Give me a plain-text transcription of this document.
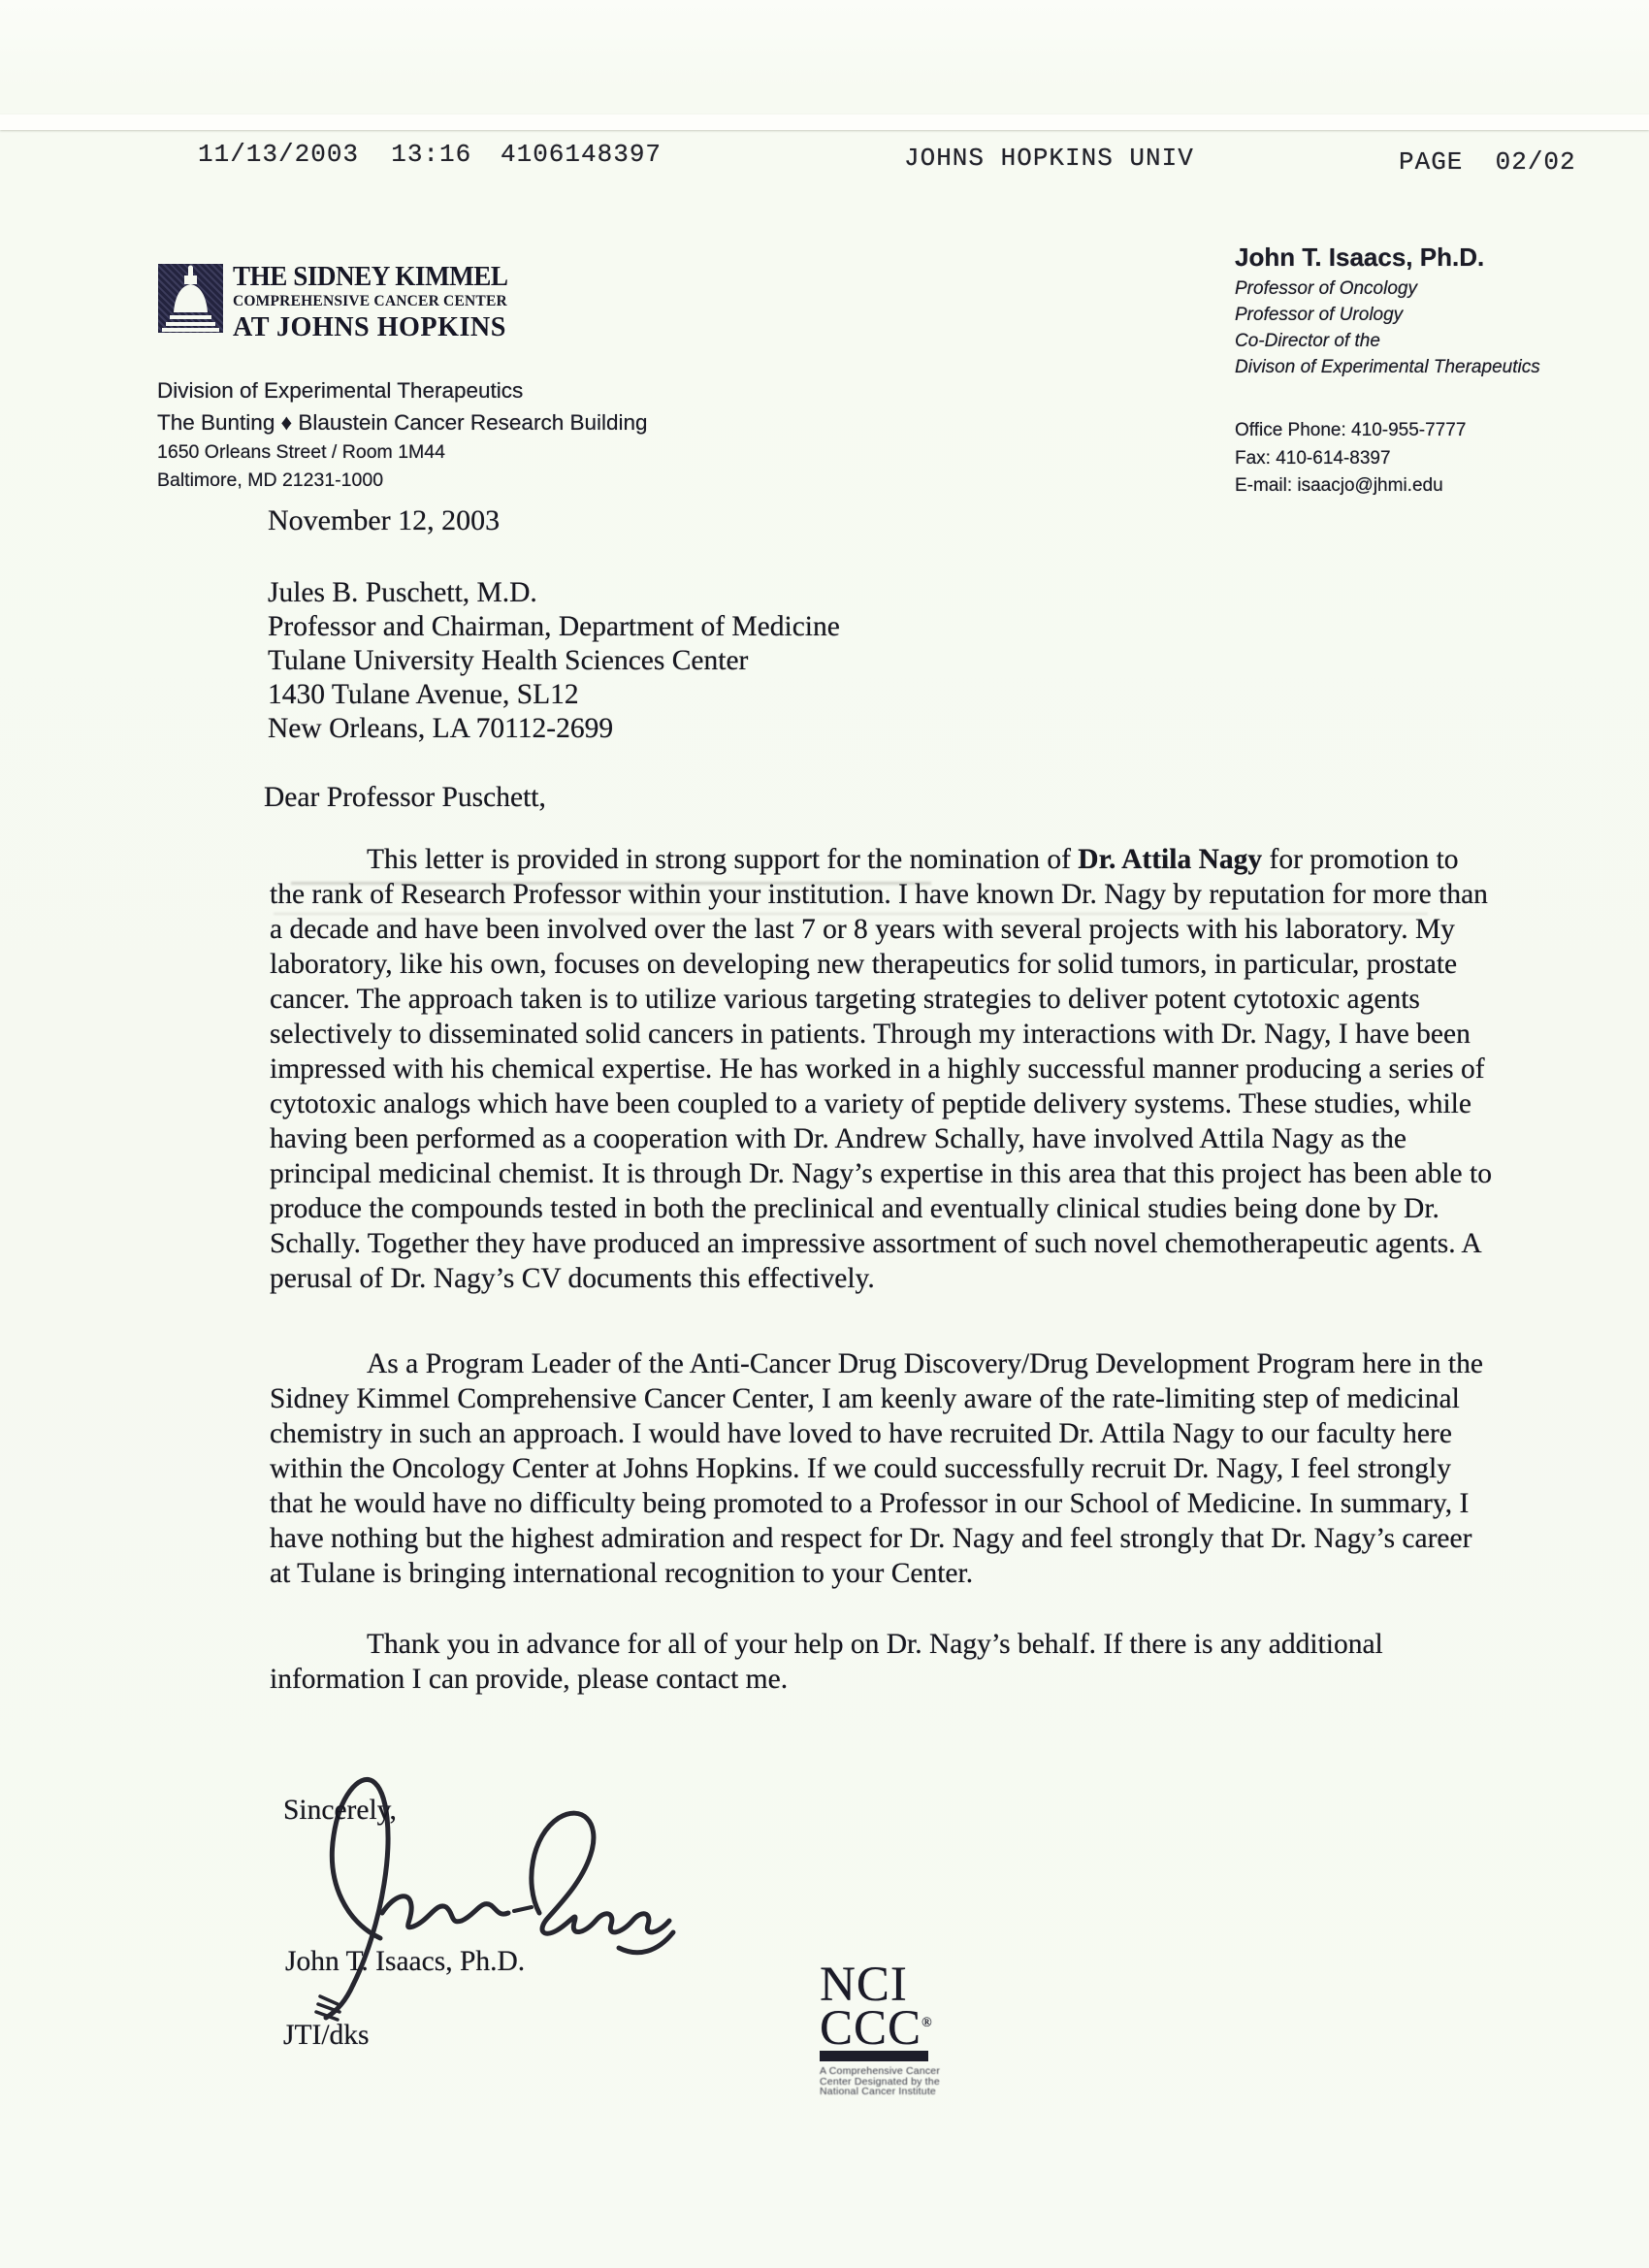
11/13/2003  13:16 4106148397	JOHNS HOPKINS UNIV	PAGE  02/02
THE SIDNEY KIMMEL
COMPREHENSIVE CANCER CENTER
AT JOHNS HOPKINS
Division of Experimental Therapeutics
The Bunting ♦ Blaustein Cancer Research Building
1650 Orleans Street / Room 1M44
Baltimore, MD 21231-1000
John T. Isaacs, Ph.D.
Professor of Oncology
Professor of Urology
Co-Director of the
Divison of Experimental Therapeutics
Office Phone: 410-955-7777
Fax: 410-614-8397
E-mail: isaacjo@jhmi.edu
November 12, 2003
Jules B. Puschett, M.D.
Professor and Chairman, Department of Medicine
Tulane University Health Sciences Center
1430 Tulane Avenue, SL12
New Orleans, LA 70112-2699
Dear Professor Puschett,

This letter is provided in strong support for the nomination of Dr. Attila Nagy for promotion to the rank of Research Professor within your institution. I have known Dr. Nagy by reputation for more than a decade and have been involved over the last 7 or 8 years with several projects with his laboratory. My laboratory, like his own, focuses on developing new therapeutics for solid tumors, in particular, prostate cancer. The approach taken is to utilize various targeting strategies to deliver potent cytotoxic agents selectively to disseminated solid cancers in patients. Through my interactions with Dr. Nagy, I have been impressed with his chemical expertise. He has worked in a highly successful manner producing a series of cytotoxic analogs which have been coupled to a variety of peptide delivery systems. These studies, while having been performed as a cooperation with Dr. Andrew Schally, have involved Attila Nagy as the principal medicinal chemist. It is through Dr. Nagy’s expertise in this area that this project has been able to produce the compounds tested in both the preclinical and eventually clinical studies being done by Dr. Schally. Together they have produced an impressive assortment of such novel chemotherapeutic agents. A perusal of Dr. Nagy’s CV documents this effectively.

As a Program Leader of the Anti-Cancer Drug Discovery/Drug Development Program here in the Sidney Kimmel Comprehensive Cancer Center, I am keenly aware of the rate-limiting step of medicinal chemistry in such an approach. I would have loved to have recruited Dr. Attila Nagy to our faculty here within the Oncology Center at Johns Hopkins. If we could successfully recruit Dr. Nagy, I feel strongly that he would have no difficulty being promoted to a Professor in our School of Medicine. In summary, I have nothing but the highest admiration and respect for Dr. Nagy and feel strongly that Dr. Nagy’s career at Tulane is bringing international recognition to your Center.

Thank you in advance for all of your help on Dr. Nagy’s behalf. If there is any additional information I can provide, please contact me.

Sincerely,
John T. Isaacs, Ph.D.
JTI/dks
NCI
CCC®
A Comprehensive Cancer
Center Designated by the
National Cancer Institute
